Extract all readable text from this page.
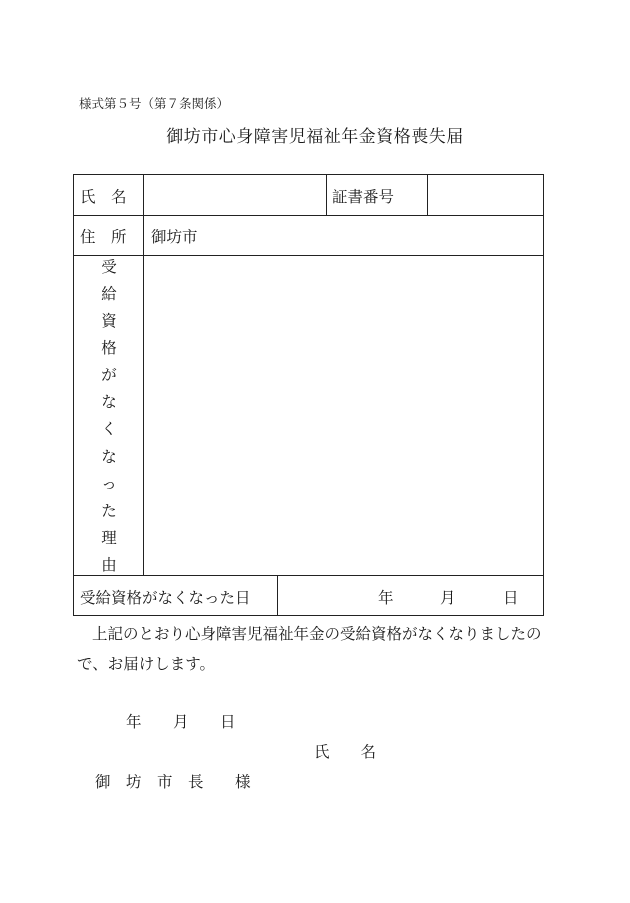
様式第５号（第７条関係）
御坊市心身障害児福祉年金資格喪失届
氏　名	証書番号
住　所 御坊市
受
給
資
格
が
な
く
な
っ
た
理
由
受給資格がなくなった日	年	月	日
上記のとおり心身障害児福祉年金の受給資格がなくなりましたの
で、お届けします。
年 月 日
氏　　名
御 坊 市 長 様
